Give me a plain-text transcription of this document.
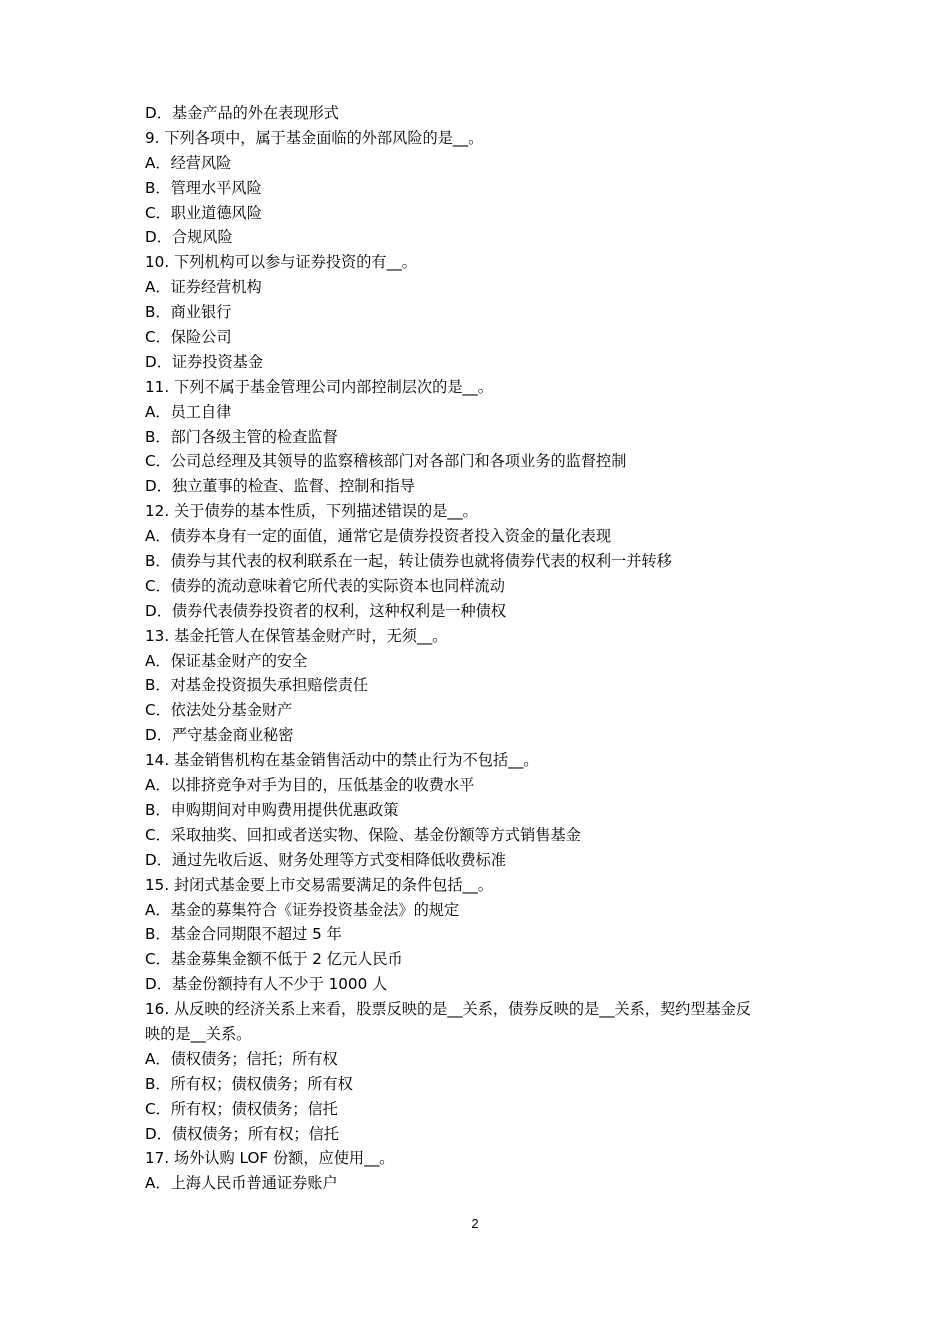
D．基金产品的外在表现形式
9. 下列各项中，属于基金面临的外部风险的是__。
A．经营风险
B．管理水平风险
C．职业道德风险
D．合规风险
10. 下列机构可以参与证券投资的有__。
A．证券经营机构
B．商业银行
C．保险公司
D．证券投资基金
11. 下列不属于基金管理公司内部控制层次的是__。
A．员工自律
B．部门各级主管的检查监督
C．公司总经理及其领导的监察稽核部门对各部门和各项业务的监督控制
D．独立董事的检查、监督、控制和指导
12. 关于债券的基本性质，下列描述错误的是__。
A．债券本身有一定的面值，通常它是债券投资者投入资金的量化表现
B．债券与其代表的权利联系在一起，转让债券也就将债券代表的权利一并转移
C．债券的流动意味着它所代表的实际资本也同样流动
D．债券代表债券投资者的权利，这种权利是一种债权
13. 基金托管人在保管基金财产时，无须__。
A．保证基金财产的安全
B．对基金投资损失承担赔偿责任
C．依法处分基金财产
D．严守基金商业秘密
14. 基金销售机构在基金销售活动中的禁止行为不包括__。
A．以排挤竞争对手为目的，压低基金的收费水平
B．申购期间对申购费用提供优惠政策
C．采取抽奖、回扣或者送实物、保险、基金份额等方式销售基金
D．通过先收后返、财务处理等方式变相降低收费标准
15. 封闭式基金要上市交易需要满足的条件包括__。
A．基金的募集符合《证券投资基金法》的规定
B．基金合同期限不超过 5 年
C．基金募集金额不低于 2 亿元人民币
D．基金份额持有人不少于 1000 人
16. 从反映的经济关系上来看，股票反映的是__关系，债券反映的是__关系，契约型基金反
映的是__关系。
A．债权债务；信托；所有权
B．所有权；债权债务；所有权
C．所有权；债权债务；信托
D．债权债务；所有权；信托
17. 场外认购 LOF 份额，应使用__。
A．上海人民币普通证券账户
2
